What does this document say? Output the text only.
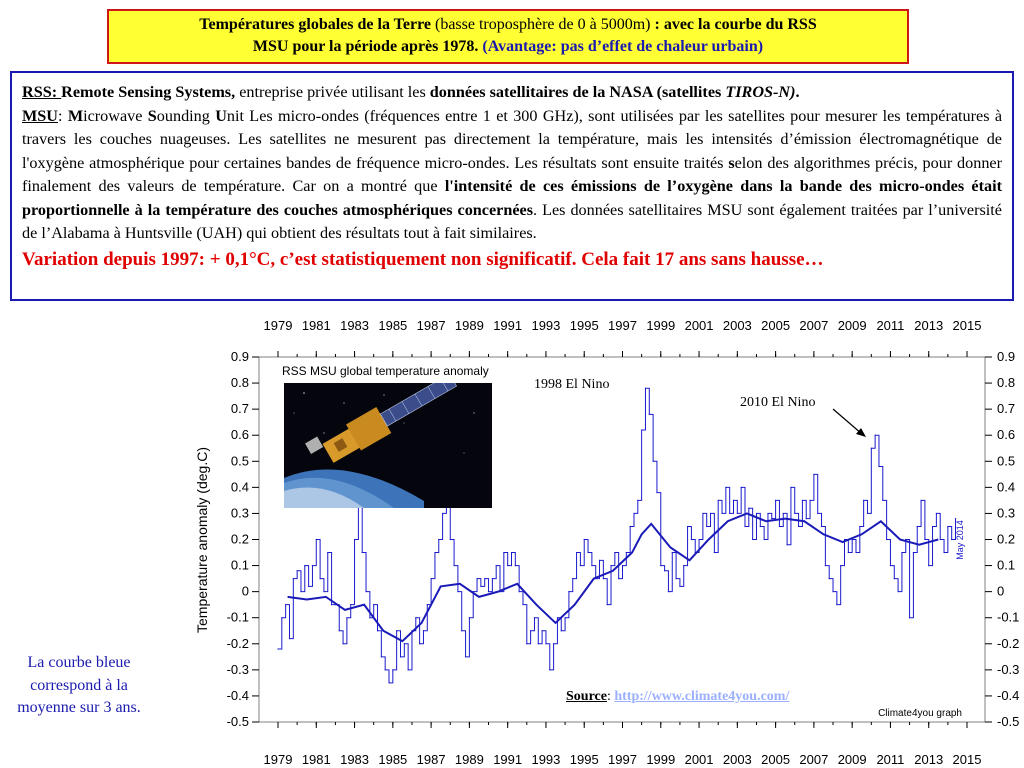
Températures globales de la Terre (basse troposphère de 0 à 5000m) : avec la courbe du RSS
MSU pour la période après 1978. (Avantage: pas d’effet de chaleur urbain)

RSS: Remote Sensing Systems, entreprise privée utilisant les données satellitaires de la NASA (satellites TIROS-N).
MSU: Microwave Sounding Unit Les micro-ondes (fréquences entre 1 et 300 GHz), sont utilisées par les satellites pour mesurer les températures à travers les couches nuageuses. Les satellites ne mesurent pas directement la température, mais les intensités d’émission électromagnétique de l'oxygène atmosphérique pour certaines bandes de fréquence micro-ondes. Les résultats sont ensuite traités selon des algorithmes précis, pour donner finalement des valeurs de température. Car on a montré que l'intensité de ces émissions de l’oxygène dans la bande des micro-ondes était proportionnelle à la température des couches atmosphériques concernées. Les données satellitaires MSU sont également traitées par l’université de l’Alabama à Huntsville (UAH) qui obtient des résultats tout à fait similaires.

Variation depuis 1997: + 0,1°C, c’est statistiquement non significatif. Cela fait 17 ans sans hausse…

-0.5	-0.5
-0.4	-0.4
-0.3	-0.3
-0.2	-0.2
-0.1	-0.1
0	0
0.1	0.1
0.2	0.2
0.3	0.3
0.4	0.4
0.5	0.5
0.6	0.6
0.7	0.7
0.8	0.8
0.9	0.9
1979
1979
1981
1981
1983
1983
1985
1985
1987
1987
1989
1989
1991
1991
1993
1993
1995
1995
1997
1997
1999
1999
2001
2001
2003
2003
2005
2005
2007
2007
2009
2009
2011
2011
2013
2013
2015
2015
Temperature anomaly (deg.C)
RSS MSU global temperature anomaly
May 2014
Climate4you graph
1998 El Nino
2010 El Nino
La courbe bleue correspond à la moyenne sur 3 ans.
Source: http://www.climate4you.com/
